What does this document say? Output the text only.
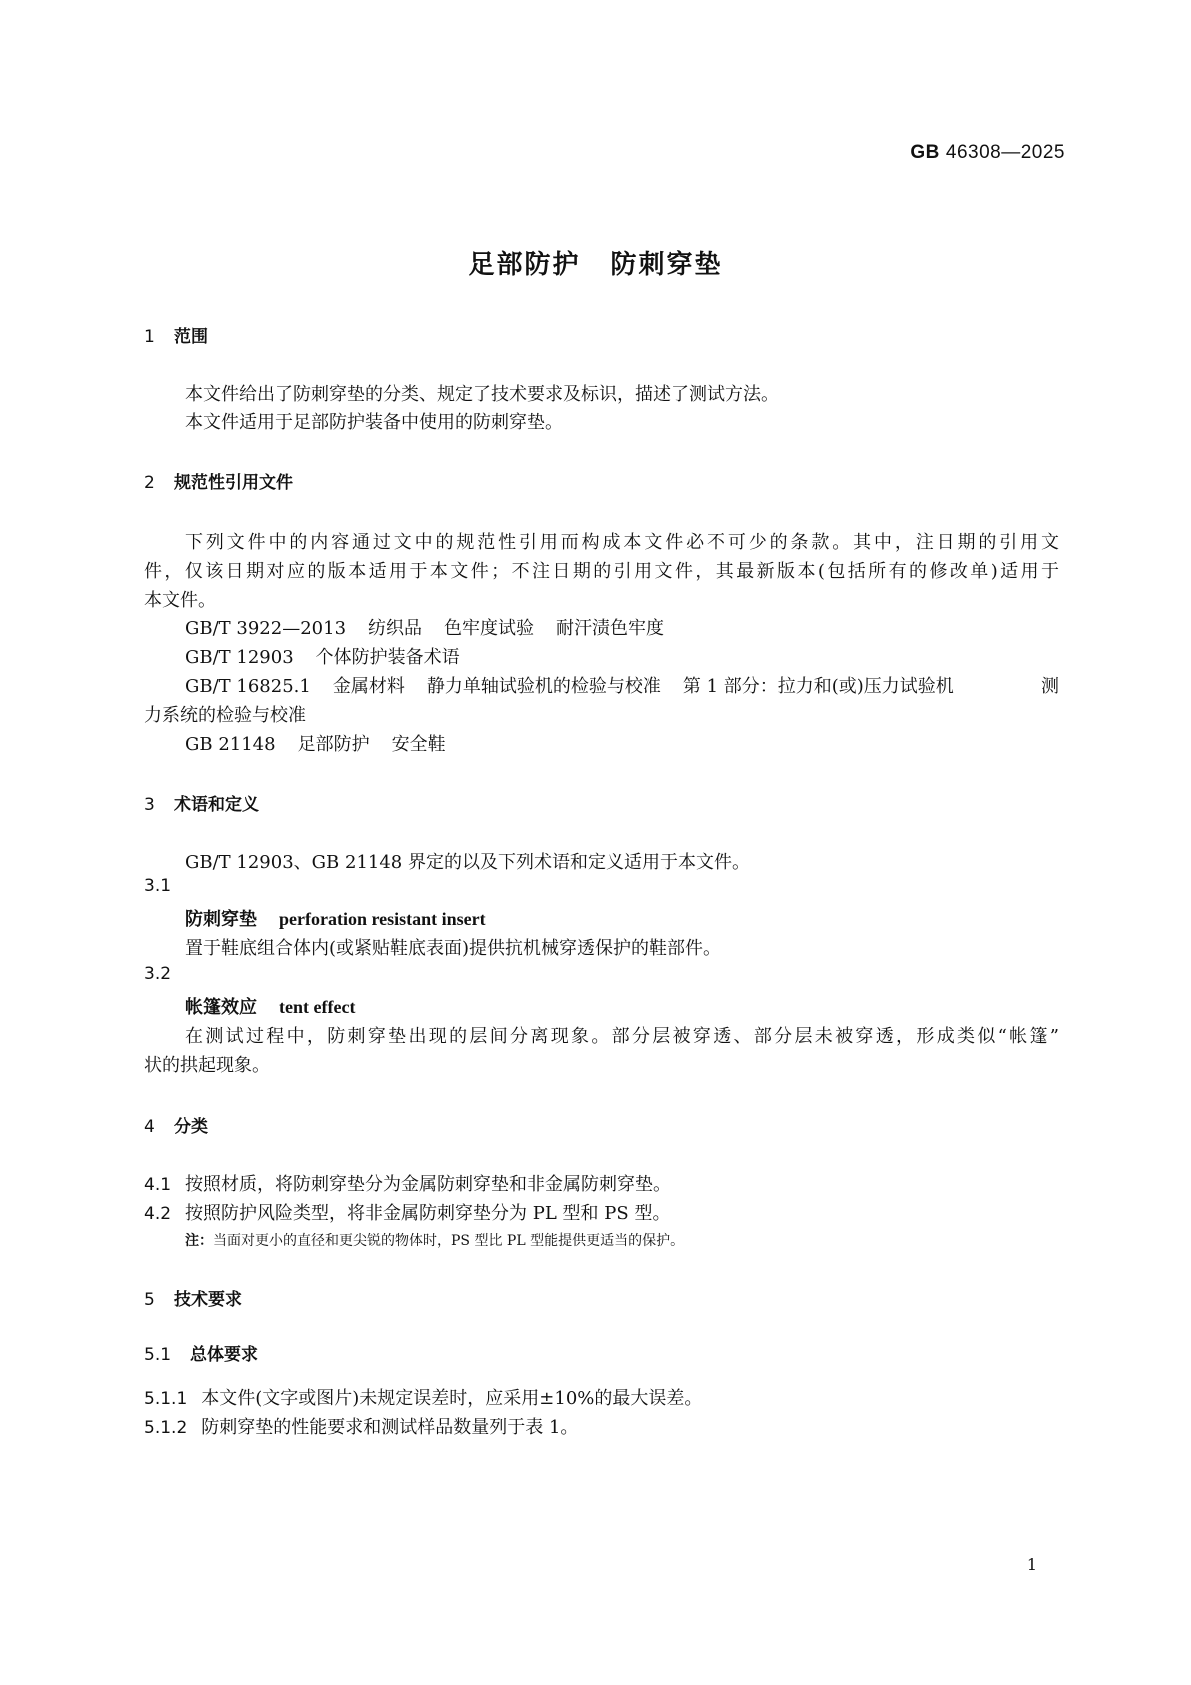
GB 46308—2025
足部防护 防刺穿垫
1 范围
本文件给出了防刺穿垫的分类、规定了技术要求及标识，描述了测试方法。
本文件适用于足部防护装备中使用的防刺穿垫。
2 规范性引用文件
下列文件中的内容通过文中的规范性引用而构成本文件必不可少的条款。其中，注日期的引用文
件，仅该日期对应的版本适用于本文件；不注日期的引用文件，其最新版本(包括所有的修改单)适用于
本文件。
GB/T 3922—2013 纺织品 色牢度试验 耐汗渍色牢度
GB/T 12903 个体防护装备术语
GB/T 16825.1 金属材料 静力单轴试验机的检验与校准 第 1 部分：拉力和(或)压力试验机	测
力系统的检验与校准
GB 21148 足部防护 安全鞋
3 术语和定义
GB/T 12903、GB 21148 界定的以及下列术语和定义适用于本文件。
3.1
防刺穿垫 perforation resistant insert
置于鞋底组合体内(或紧贴鞋底表面)提供抗机械穿透保护的鞋部件。
3.2
帐篷效应 tent effect
在测试过程中，防刺穿垫出现的层间分离现象。部分层被穿透、部分层未被穿透，形成类似“帐篷”
状的拱起现象。
4 分类
4.1 按照材质，将防刺穿垫分为金属防刺穿垫和非金属防刺穿垫。
4.2 按照防护风险类型，将非金属防刺穿垫分为 PL 型和 PS 型。
注：当面对更小的直径和更尖锐的物体时，PS 型比 PL 型能提供更适当的保护。
5 技术要求
5.1 总体要求
5.1.1 本文件(文字或图片)未规定误差时，应采用±10%的最大误差。
5.1.2 防刺穿垫的性能要求和测试样品数量列于表 1。
1
